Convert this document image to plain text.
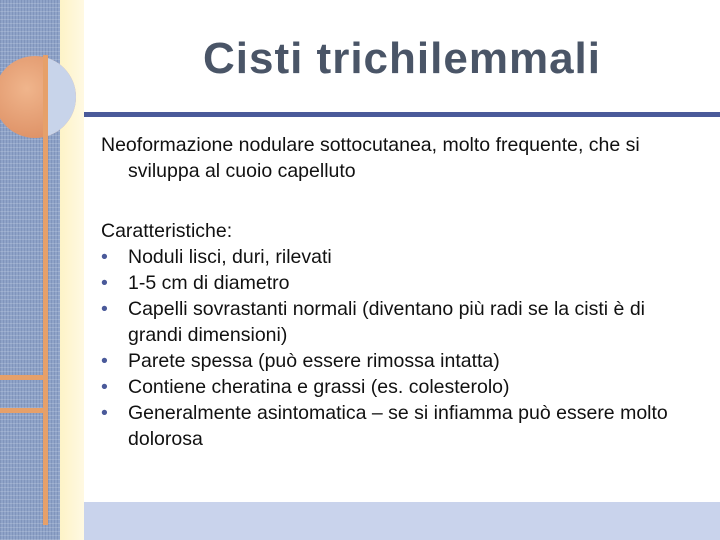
Cisti trichilemmali

Neoformazione nodulare sottocutanea, molto frequente, che si sviluppa al cuoio capelluto

Caratteristiche:

• Noduli lisci, duri, rilevati
• 1-5 cm di diametro
• Capelli sovrastanti normali (diventano più radi se la cisti è di grandi dimensioni)
• Parete spessa (può essere rimossa intatta)
• Contiene cheratina e grassi (es. colesterolo)
• Generalmente asintomatica – se si infiamma può essere molto dolorosa
